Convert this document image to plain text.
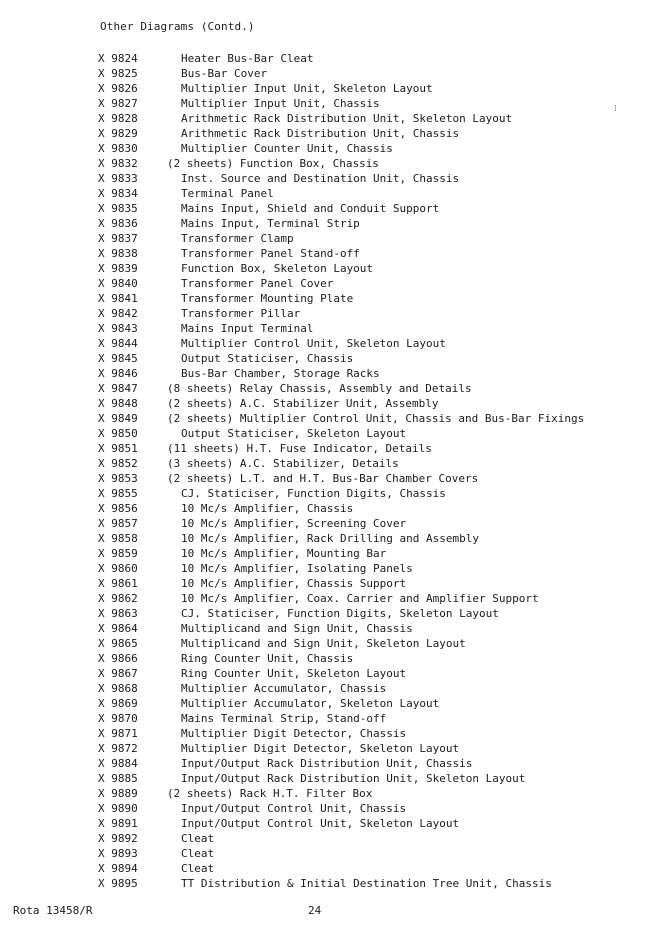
Other Diagrams (Contd.)
X 9824	Heater Bus-Bar Cleat
X 9825	Bus-Bar Cover
X 9826	Multiplier Input Unit, Skeleton Layout
X 9827	Multiplier Input Unit, Chassis
X 9828	Arithmetic Rack Distribution Unit, Skeleton Layout
X 9829	Arithmetic Rack Distribution Unit, Chassis
X 9830	Multiplier Counter Unit, Chassis
X 9832	(2 sheets) Function Box, Chassis
X 9833	Inst. Source and Destination Unit, Chassis
X 9834	Terminal Panel
X 9835	Mains Input, Shield and Conduit Support
X 9836	Mains Input, Terminal Strip
X 9837	Transformer Clamp
X 9838	Transformer Panel Stand-off
X 9839	Function Box, Skeleton Layout
X 9840	Transformer Panel Cover
X 9841	Transformer Mounting Plate
X 9842	Transformer Pillar
X 9843	Mains Input Terminal
X 9844	Multiplier Control Unit, Skeleton Layout
X 9845	Output Staticiser, Chassis
X 9846	Bus-Bar Chamber, Storage Racks
X 9847	(8 sheets) Relay Chassis, Assembly and Details
X 9848	(2 sheets) A.C. Stabilizer Unit, Assembly
X 9849	(2 sheets) Multiplier Control Unit, Chassis and Bus-Bar Fixings
X 9850	Output Staticiser, Skeleton Layout
X 9851	(11 sheets) H.T. Fuse Indicator, Details
X 9852	(3 sheets) A.C. Stabilizer, Details
X 9853	(2 sheets) L.T. and H.T. Bus-Bar Chamber Covers
X 9855	CJ. Staticiser, Function Digits, Chassis
X 9856	10 Mc/s Amplifier, Chassis
X 9857	10 Mc/s Amplifier, Screening Cover
X 9858	10 Mc/s Amplifier, Rack Drilling and Assembly
X 9859	10 Mc/s Amplifier, Mounting Bar
X 9860	10 Mc/s Amplifier, Isolating Panels
X 9861	10 Mc/s Amplifier, Chassis Support
X 9862	10 Mc/s Amplifier, Coax. Carrier and Amplifier Support
X 9863	CJ. Staticiser, Function Digits, Skeleton Layout
X 9864	Multiplicand and Sign Unit, Chassis
X 9865	Multiplicand and Sign Unit, Skeleton Layout
X 9866	Ring Counter Unit, Chassis
X 9867	Ring Counter Unit, Skeleton Layout
X 9868	Multiplier Accumulator, Chassis
X 9869	Multiplier Accumulator, Skeleton Layout
X 9870	Mains Terminal Strip, Stand-off
X 9871	Multiplier Digit Detector, Chassis
X 9872	Multiplier Digit Detector, Skeleton Layout
X 9884	Input/Output Rack Distribution Unit, Chassis
X 9885	Input/Output Rack Distribution Unit, Skeleton Layout
X 9889	(2 sheets) Rack H.T. Filter Box
X 9890	Input/Output Control Unit, Chassis
X 9891	Input/Output Control Unit, Skeleton Layout
X 9892	Cleat
X 9893	Cleat
X 9894	Cleat
X 9895	TT Distribution & Initial Destination Tree Unit, Chassis
Rota 13458/R	24
⁝
